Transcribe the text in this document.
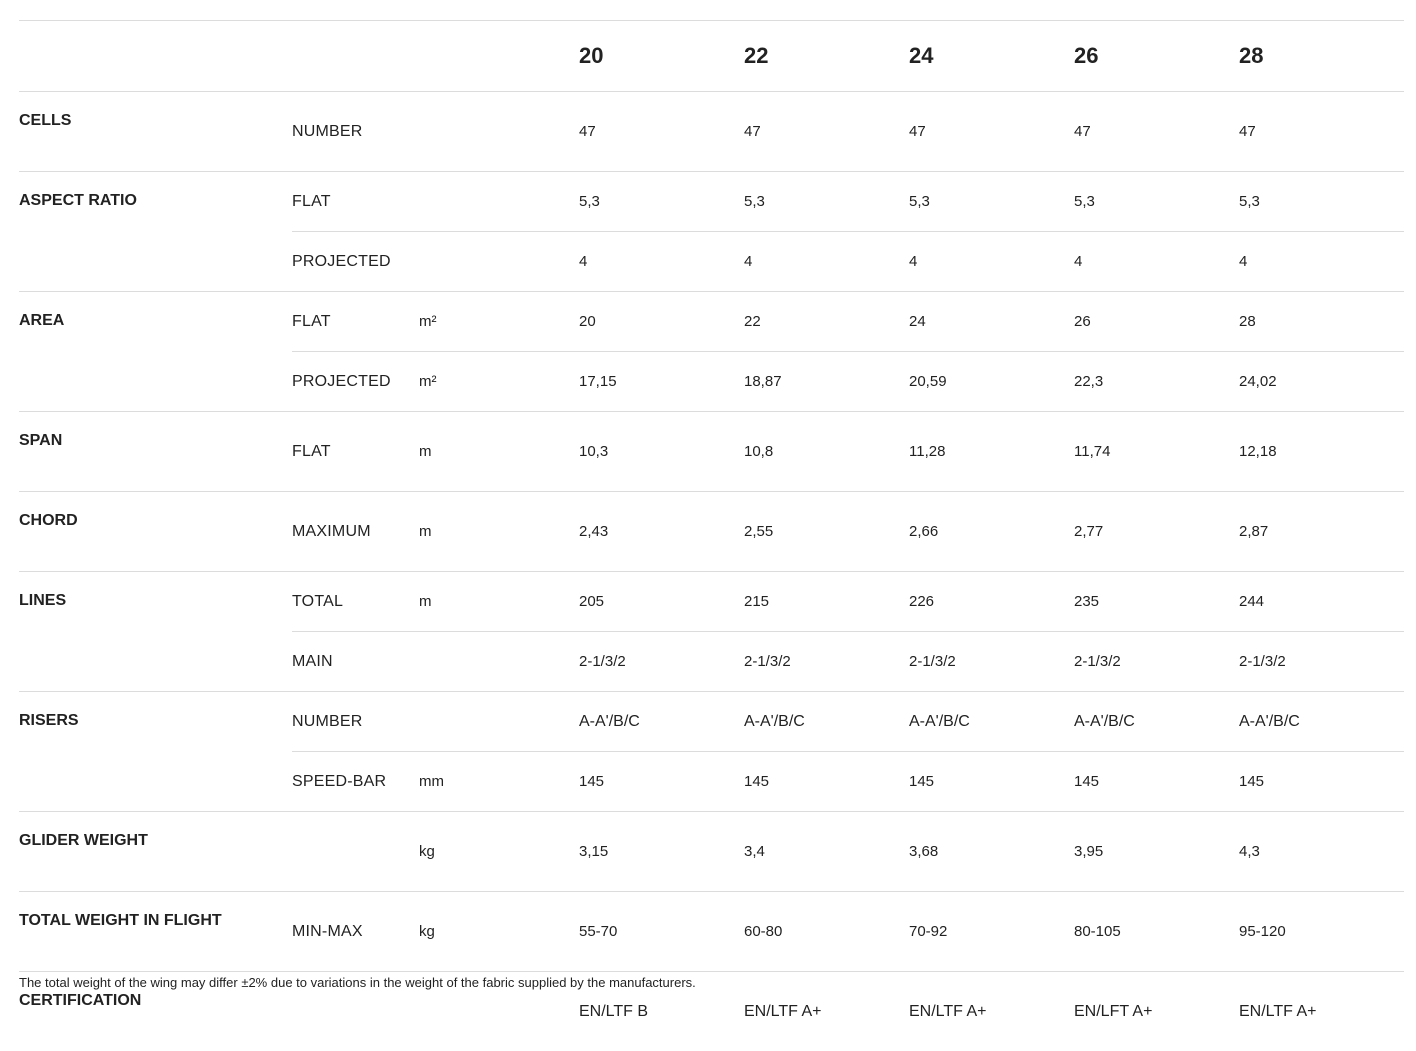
			20	22	24	26	28
CELLS	NUMBER		47	47	47	47	47
ASPECT RATIO	FLAT		5,3	5,3	5,3	5,3	5,3
	PROJECTED		4	4	4	4	4
AREA	FLAT	m²	20	22	24	26	28
	PROJECTED	m²	17,15	18,87	20,59	22,3	24,02
SPAN	FLAT	m	10,3	10,8	11,28	11,74	12,18
CHORD	MAXIMUM	m	2,43	2,55	2,66	2,77	2,87
LINES	TOTAL	m	205	215	226	235	244
	MAIN		2-1/3/2	2-1/3/2	2-1/3/2	2-1/3/2	2-1/3/2
RISERS	NUMBER		A-A'/B/C	A-A'/B/C	A-A'/B/C	A-A'/B/C	A-A'/B/C
	SPEED-BAR	mm	145	145	145	145	145
GLIDER WEIGHT		kg	3,15	3,4	3,68	3,95	4,3
TOTAL WEIGHT IN FLIGHT	MIN-MAX	kg	55-70	60-80	70-92	80-105	95-120
CERTIFICATION			EN/LTF B	EN/LTF A+	EN/LTF A+	EN/LFT A+	EN/LTF A+
The total weight of the wing may differ ±2% due to variations in the weight of the fabric supplied by the manufacturers.
